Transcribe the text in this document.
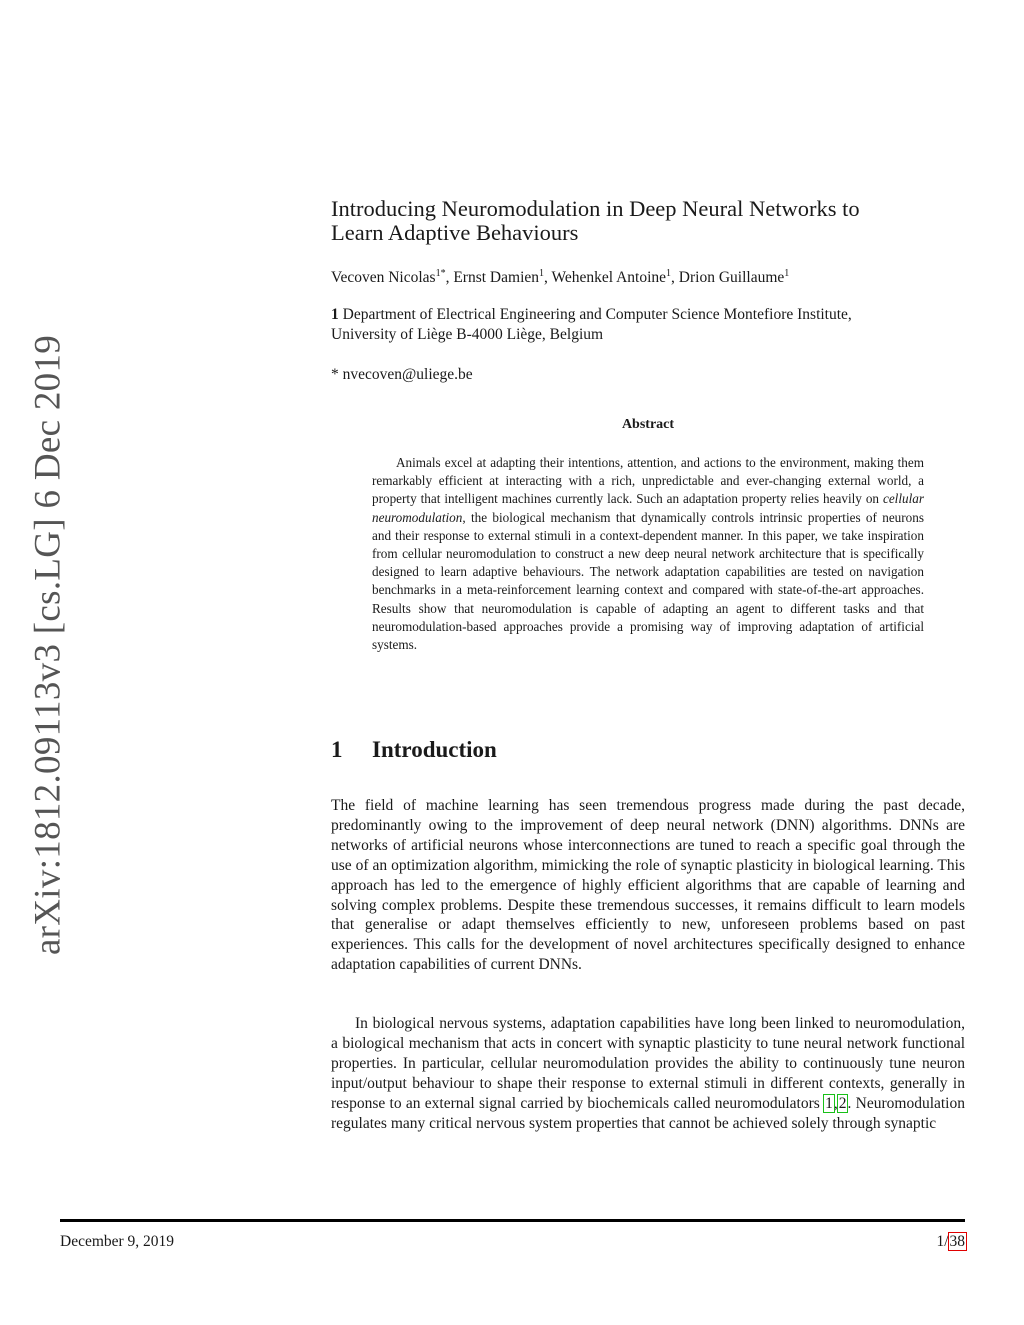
arXiv:1812.09113v3 [cs.LG] 6 Dec 2019
Introducing Neuromodulation in Deep Neural Networks to
Learn Adaptive Behaviours
Vecoven Nicolas$^{1*}$, Ernst Damien$^1$, Wehenkel Antoine$^1$, Drion Guillaume$^1$
1 Department of Electrical Engineering and Computer Science Montefiore Institute,
University of Liège B-4000 Liège, Belgium
* nvecoven@uliege.be
Abstract
Animals excel at adapting their intentions, attention, and actions to the environment, making them remarkably efficient at interacting with a rich, unpredictable and ever-changing external world, a property that intelligent machines currently lack. Such an adaptation property relies heavily on cellular neuromodulation, the biological mechanism that dynamically controls intrinsic properties of neurons and their response to external stimuli in a context-dependent manner. In this paper, we take inspiration from cellular neuromodulation to construct a new deep neural network architecture that is specifically designed to learn adaptive behaviours. The network adaptation capabilities are tested on navigation benchmarks in a meta-reinforcement learning context and compared with state-of-the-art approaches. Results show that neuromodulation is capable of adapting an agent to different tasks and that neuromodulation-based approaches provide a promising way of improving adaptation of artificial systems.
1 Introduction
The field of machine learning has seen tremendous progress made during the past decade, predominantly owing to the improvement of deep neural network (DNN) algorithms. DNNs are networks of artificial neurons whose interconnections are tuned to reach a specific goal through the use of an optimization algorithm, mimicking the role of synaptic plasticity in biological learning. This approach has led to the emergence of highly efficient algorithms that are capable of learning and solving complex problems. Despite these tremendous successes, it remains difficult to learn models that generalise or adapt themselves efficiently to new, unforeseen problems based on past experiences. This calls for the development of novel architectures specifically designed to enhance adaptation capabilities of current DNNs.
In biological nervous systems, adaptation capabilities have long been linked to neuromodulation, a biological mechanism that acts in concert with synaptic plasticity to tune neural network functional properties. In particular, cellular neuromodulation provides the ability to continuously tune neuron input/output behaviour to shape their response to external stimuli in different contexts, generally in response to an external signal carried by biochemicals called neuromodulators 1,2. Neuromodulation regulates many critical nervous system properties that cannot be achieved solely through synaptic
December 9, 2019	1/38
